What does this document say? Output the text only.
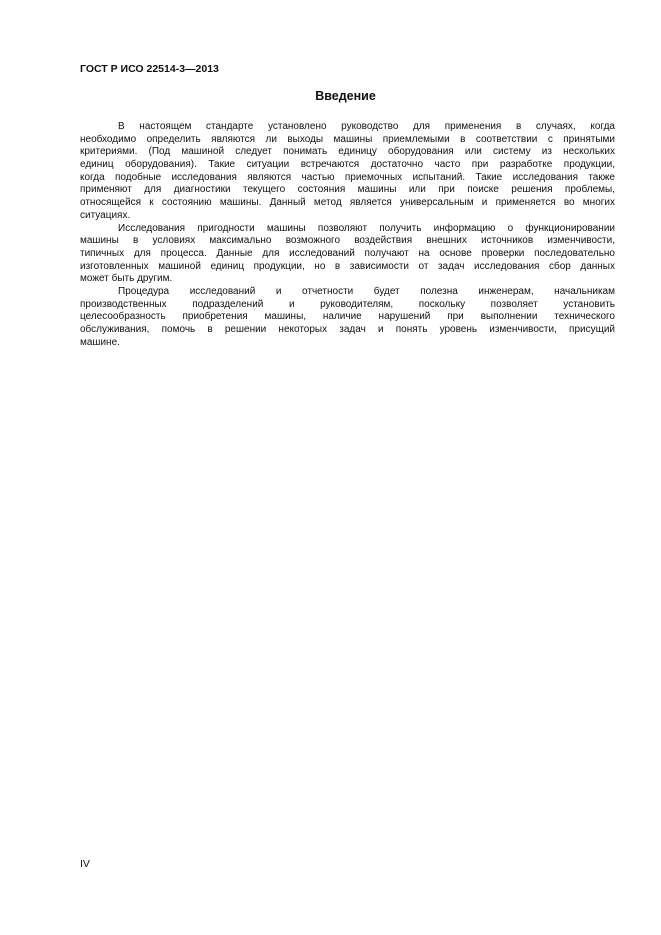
ГОСТ Р ИСО 22514-3—2013
Введение
В настоящем стандарте установлено руководство для применения в случаях, когда
необходимо определить являются ли выходы машины приемлемыми в соответствии с принятыми
критериями. (Под машиной следует понимать единицу оборудования или систему из нескольких
единиц оборудования). Такие ситуации встречаются достаточно часто при разработке продукции,
когда подобные исследования являются частью приемочных испытаний. Такие исследования также
применяют для диагностики текущего состояния машины или при поиске решения проблемы,
относящейся к состоянию машины. Данный метод является универсальным и применяется во многих
ситуациях.
Исследования пригодности машины позволяют получить информацию о функционировании
машины в условиях максимально возможного воздействия внешних источников изменчивости,
типичных для процесса. Данные для исследований получают на основе проверки последовательно
изготовленных машиной единиц продукции, но в зависимости от задач исследования сбор данных
может быть другим.
Процедура исследований и отчетности будет полезна инженерам, начальникам
производственных подразделений и руководителям, поскольку позволяет установить
целесообразность приобретения машины, наличие нарушений при выполнении технического
обслуживания, помочь в решении некоторых задач и понять уровень изменчивости, присущий
машине.
IV
